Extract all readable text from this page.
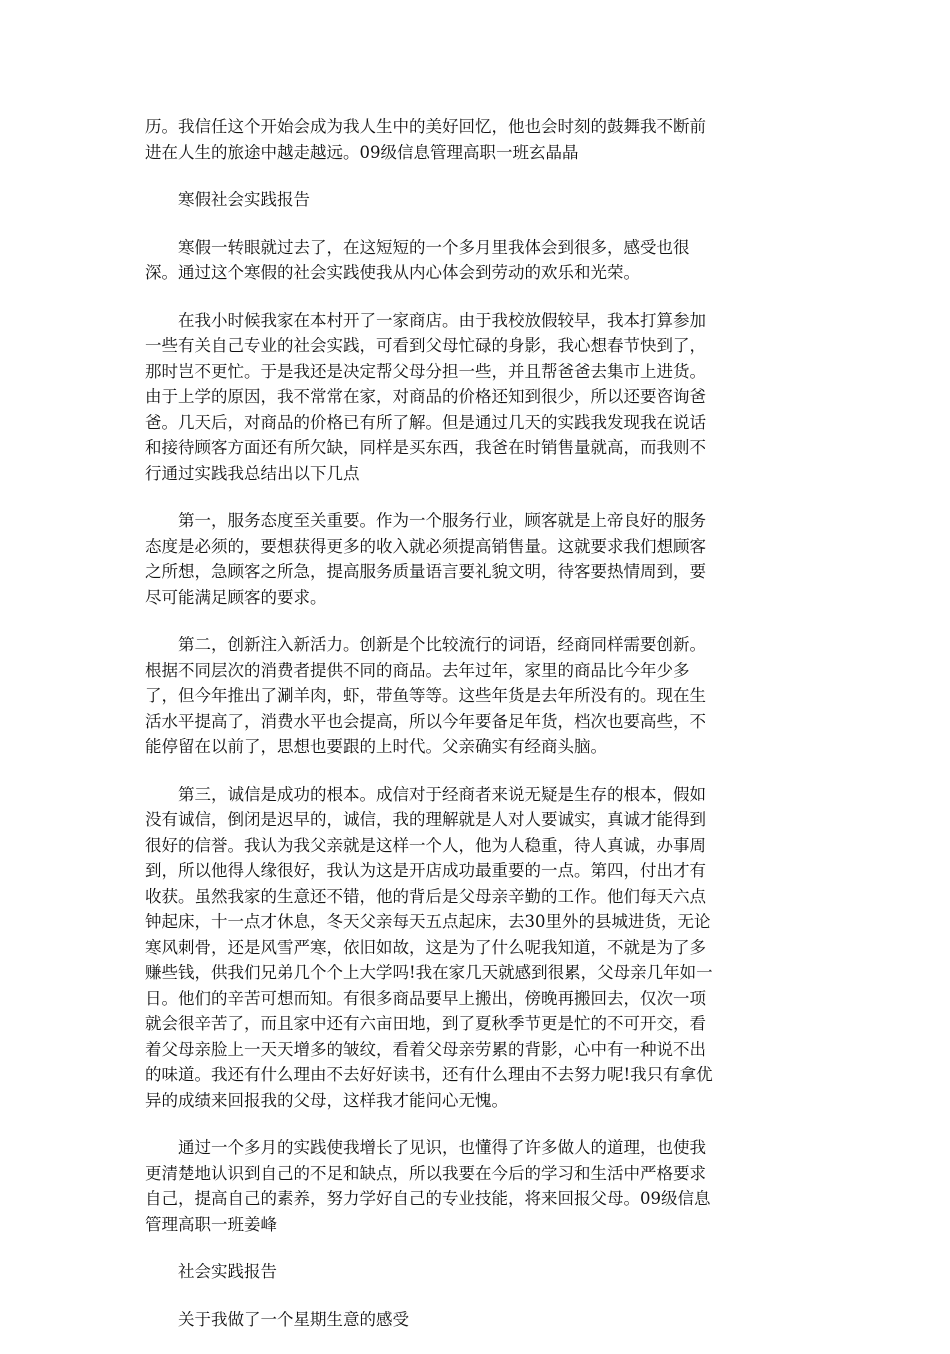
历。我信任这个开始会成为我人生中的美好回忆，他也会时刻的鼓舞我不断前
进在人生的旅途中越走越远。09级信息管理高职一班玄晶晶
寒假社会实践报告
寒假一转眼就过去了，在这短短的一个多月里我体会到很多，感受也很
深。通过这个寒假的社会实践使我从内心体会到劳动的欢乐和光荣。
在我小时候我家在本村开了一家商店。由于我校放假较早，我本打算参加
一些有关自己专业的社会实践，可看到父母忙碌的身影，我心想春节快到了，
那时岂不更忙。于是我还是决定帮父母分担一些，并且帮爸爸去集市上进货。
由于上学的原因，我不常常在家，对商品的价格还知到很少，所以还要咨询爸
爸。几天后，对商品的价格已有所了解。但是通过几天的实践我发现我在说话
和接待顾客方面还有所欠缺，同样是买东西，我爸在时销售量就高，而我则不
行通过实践我总结出以下几点
第一，服务态度至关重要。作为一个服务行业，顾客就是上帝良好的服务
态度是必须的，要想获得更多的收入就必须提高销售量。这就要求我们想顾客
之所想，急顾客之所急，提高服务质量语言要礼貌文明，待客要热情周到，要
尽可能满足顾客的要求。
第二，创新注入新活力。创新是个比较流行的词语，经商同样需要创新。
根据不同层次的消费者提供不同的商品。去年过年，家里的商品比今年少多
了，但今年推出了涮羊肉，虾，带鱼等等。这些年货是去年所没有的。现在生
活水平提高了，消费水平也会提高，所以今年要备足年货，档次也要高些，不
能停留在以前了，思想也要跟的上时代。父亲确实有经商头脑。
第三，诚信是成功的根本。成信对于经商者来说无疑是生存的根本，假如
没有诚信，倒闭是迟早的，诚信，我的理解就是人对人要诚实，真诚才能得到
很好的信誉。我认为我父亲就是这样一个人，他为人稳重，待人真诚，办事周
到，所以他得人缘很好，我认为这是开店成功最重要的一点。第四，付出才有
收获。虽然我家的生意还不错，他的背后是父母亲辛勤的工作。他们每天六点
钟起床，十一点才休息，冬天父亲每天五点起床，去30里外的县城进货，无论
寒风刺骨，还是风雪严寒，依旧如故，这是为了什么呢我知道，不就是为了多
赚些钱，供我们兄弟几个个上大学吗!我在家几天就感到很累，父母亲几年如一
日。他们的辛苦可想而知。有很多商品要早上搬出，傍晚再搬回去，仅次一项
就会很辛苦了，而且家中还有六亩田地，到了夏秋季节更是忙的不可开交，看
着父母亲脸上一天天增多的皱纹，看着父母亲劳累的背影，心中有一种说不出
的味道。我还有什么理由不去好好读书，还有什么理由不去努力呢!我只有拿优
异的成绩来回报我的父母，这样我才能问心无愧。
通过一个多月的实践使我增长了见识，也懂得了许多做人的道理，也使我
更清楚地认识到自己的不足和缺点，所以我要在今后的学习和生活中严格要求
自己，提高自己的素养，努力学好自己的专业技能，将来回报父母。09级信息
管理高职一班姜峰
社会实践报告
关于我做了一个星期生意的感受
